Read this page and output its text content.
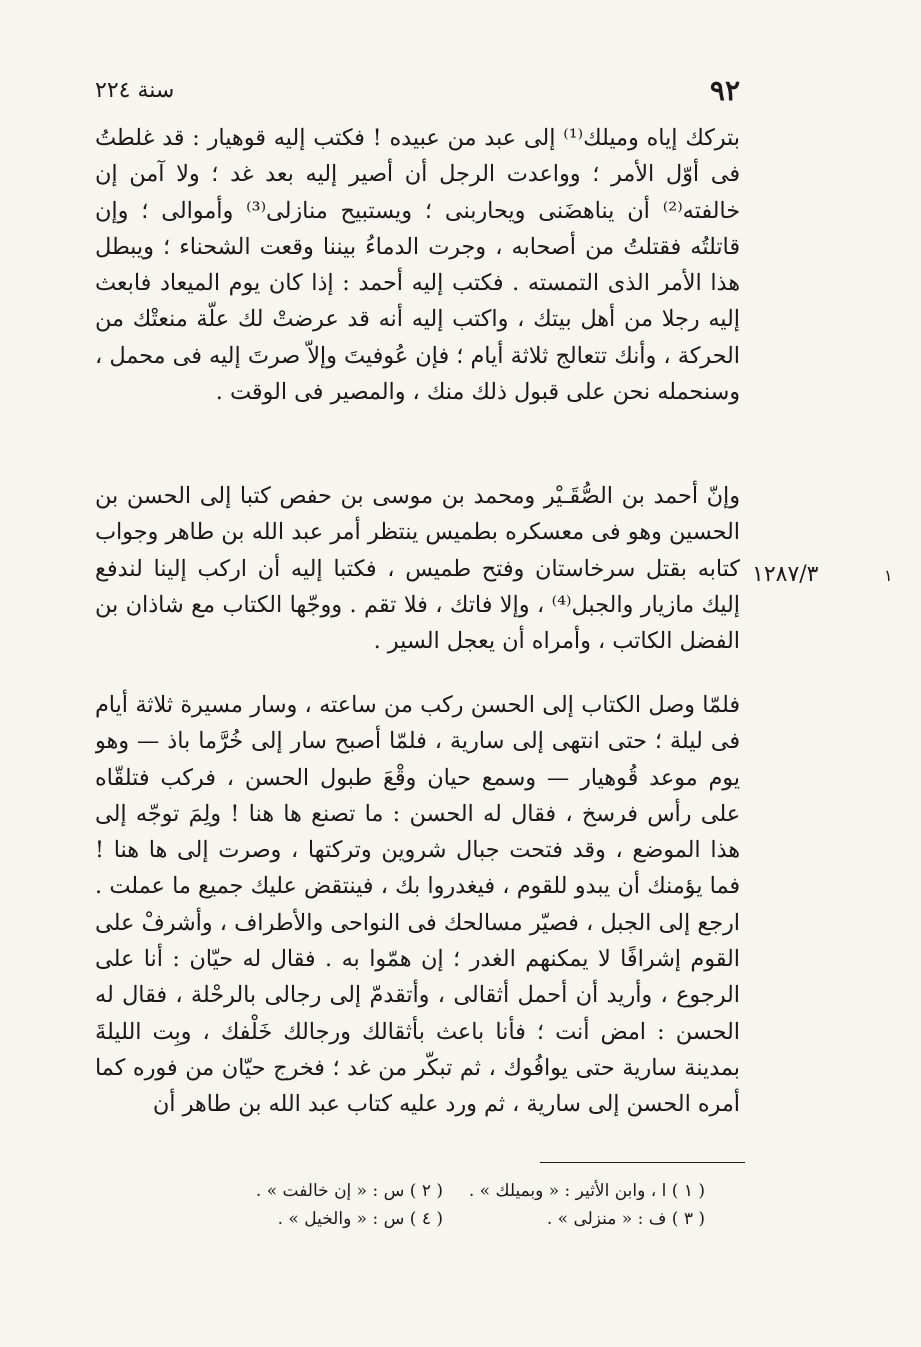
٩٢
سنة ٢٢٤

بتركك إياه وميلك⁽¹⁾ إلى عبد من عبيده ! فكتب إليه قوهيار : قد غلطتُ فى أوّل الأمر ؛ وواعدت الرجل أن أصير إليه بعد غد ؛ ولا آمن إن خالفته⁽²⁾ أن يناهضَنى ويحاربنى ؛ ويستبيح منازلى⁽³⁾ وأموالى ؛ وإن قاتلتُه فقتلتُ من أصحابه ، وجرت الدماءُ بيننا وقعت الشحناء ؛ ويبطل هذا الأمر الذى التمسته . فكتب إليه أحمد : إذا كان يوم الميعاد فابعث إليه رجلا من أهل بيتك ، واكتب إليه أنه قد عرضتْ لك علّة منعتْك من الحركة ، وأنك تتعالج ثلاثة أيام ؛ فإن عُوفيتَ وإلاّ صرتَ إليه فى محمل ، وسنحمله نحن على قبول ذلك منك ، والمصير فى الوقت .

وإنّ أحمد بن الصُّقَـيْر ومحمد بن موسى بن حفص كتبا إلى الحسن بن الحسين وهو فى معسكره بطميس ينتظر أمر عبد الله بن طاهر وجواب كتابه بقتل سرخاستان وفتح طميس ، فكتبا إليه أن اركب إلينا لندفع إليك مازيار والجبل⁽⁴⁾ ، وإلا فاتك ، فلا تقم . ووجّها الكتاب مع شاذان بن الفضل الكاتب ، وأمراه أن يعجل السير .

فلمّا وصل الكتاب إلى الحسن ركب من ساعته ، وسار مسيرة ثلاثة أيام فى ليلة ؛ حتى انتهى إلى سارية ، فلمّا أصبح سار إلى خُرَّما باذ — وهو يوم موعد قُوهيار — وسمع حيان وقْعَ طبول الحسن ، فركب فتلقّاه على رأس فرسخ ، فقال له الحسن : ما تصنع ها هنا ! ولِمَ توجّه إلى هذا الموضع ، وقد فتحت جبال شروين وتركتها ، وصرت إلى ها هنا ! فما يؤمنك أن يبدو للقوم ، فيغدروا بك ، فينتقض عليك جميع ما عملت . ارجع إلى الجبل ، فصيّر مسالحك فى النواحى والأطراف ، وأشرفْ على القوم إشرافًا لا يمكنهم الغدر ؛ إن همّوا به . فقال له حيّان : أنا على الرجوع ، وأريد أن أحمل أثقالى ، وأتقدمّ إلى رجالى بالرحْلة ، فقال له الحسن : امض أنت ؛ فأنا باعث بأثقالك ورجالك خَلْفك ، وبِت الليلةَ بمدينة سارية حتى يوافُوك ، ثم تبكّر من غد ؛ فخرج حيّان من فوره كما أمره الحسن إلى سارية ، ثم ورد عليه كتاب عبد الله بن طاهر أن

١٢٨٧/٣	١
( ١ ) ا ، وابن الأثير : « وبميلك » .
( ٢ ) س : « إن خالفت » .
( ٣ ) ف : « منزلى » .
( ٤ ) س : « والخيل » .
